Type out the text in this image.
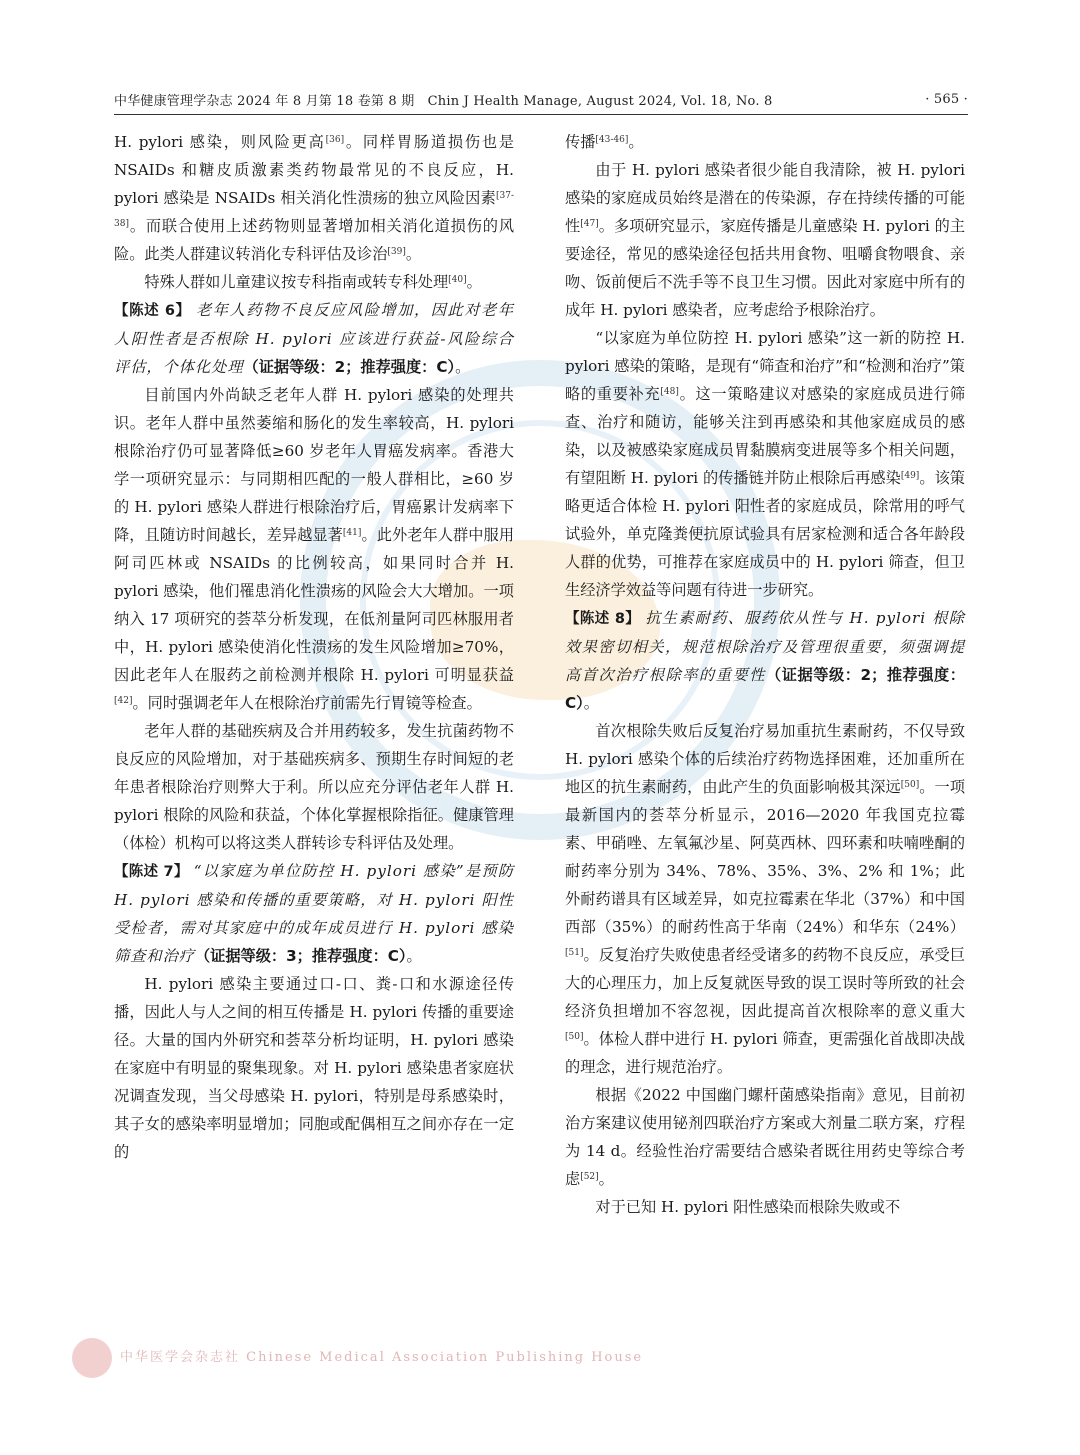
中华健康管理学杂志 2024 年 8 月第 18 卷第 8 期　Chin J Health Manage, August 2024, Vol. 18, No. 8	· 565 ·

H. pylori 感染，则风险更高[36]。同样胃肠道损伤也是 NSAIDs 和糖皮质激素类药物最常见的不良反应，H. pylori 感染是 NSAIDs 相关消化性溃疡的独立风险因素[37-38]。而联合使用上述药物则显著增加相关消化道损伤的风险。此类人群建议转消化专科评估及诊治[39]。

特殊人群如儿童建议按专科指南或转专科处理[40]。

【陈述 6】 老年人药物不良反应风险增加，因此对老年人阳性者是否根除 H. pylori 应该进行获益-风险综合评估，个体化处理（证据等级：2；推荐强度：C）。

目前国内外尚缺乏老年人群 H. pylori 感染的处理共识。老年人群中虽然萎缩和肠化的发生率较高，H. pylori 根除治疗仍可显著降低≥60 岁老年人胃癌发病率。香港大学一项研究显示：与同期相匹配的一般人群相比，≥60 岁的 H. pylori 感染人群进行根除治疗后，胃癌累计发病率下降，且随访时间越长，差异越显著[41]。此外老年人群中服用阿司匹林或 NSAIDs 的比例较高，如果同时合并 H. pylori 感染，他们罹患消化性溃疡的风险会大大增加。一项纳入 17 项研究的荟萃分析发现，在低剂量阿司匹林服用者中，H. pylori 感染使消化性溃疡的发生风险增加≥70%，因此老年人在服药之前检测并根除 H. pylori 可明显获益[42]。同时强调老年人在根除治疗前需先行胃镜等检查。

老年人群的基础疾病及合并用药较多，发生抗菌药物不良反应的风险增加，对于基础疾病多、预期生存时间短的老年患者根除治疗则弊大于利。所以应充分评估老年人群 H. pylori 根除的风险和获益，个体化掌握根除指征。健康管理（体检）机构可以将这类人群转诊专科评估及处理。

【陈述 7】 “以家庭为单位防控 H. pylori 感染”是预防 H. pylori 感染和传播的重要策略，对 H. pylori 阳性受检者，需对其家庭中的成年成员进行 H. pylori 感染筛查和治疗（证据等级：3；推荐强度：C）。

H. pylori 感染主要通过口-口、粪-口和水源途径传播，因此人与人之间的相互传播是 H. pylori 传播的重要途径。大量的国内外研究和荟萃分析均证明，H. pylori 感染在家庭中有明显的聚集现象。对 H. pylori 感染患者家庭状况调查发现，当父母感染 H. pylori，特别是母系感染时，其子女的感染率明显增加；同胞或配偶相互之间亦存在一定的

传播[43-46]。

由于 H. pylori 感染者很少能自我清除，被 H. pylori 感染的家庭成员始终是潜在的传染源，存在持续传播的可能性[47]。多项研究显示，家庭传播是儿童感染 H. pylori 的主要途径，常见的感染途径包括共用食物、咀嚼食物喂食、亲吻、饭前便后不洗手等不良卫生习惯。因此对家庭中所有的成年 H. pylori 感染者，应考虑给予根除治疗。

“以家庭为单位防控 H. pylori 感染”这一新的防控 H. pylori 感染的策略，是现有“筛查和治疗”和“检测和治疗”策略的重要补充[48]。这一策略建议对感染的家庭成员进行筛查、治疗和随访，能够关注到再感染和其他家庭成员的感染，以及被感染家庭成员胃黏膜病变进展等多个相关问题，有望阻断 H. pylori 的传播链并防止根除后再感染[49]。该策略更适合体检 H. pylori 阳性者的家庭成员，除常用的呼气试验外，单克隆粪便抗原试验具有居家检测和适合各年龄段人群的优势，可推荐在家庭成员中的 H. pylori 筛查，但卫生经济学效益等问题有待进一步研究。

【陈述 8】 抗生素耐药、服药依从性与 H. pylori 根除效果密切相关，规范根除治疗及管理很重要，须强调提高首次治疗根除率的重要性（证据等级：2；推荐强度：C）。

首次根除失败后反复治疗易加重抗生素耐药，不仅导致 H. pylori 感染个体的后续治疗药物选择困难，还加重所在地区的抗生素耐药，由此产生的负面影响极其深远[50]。一项最新国内的荟萃分析显示，2016—2020 年我国克拉霉素、甲硝唑、左氧氟沙星、阿莫西林、四环素和呋喃唑酮的耐药率分别为 34%、78%、35%、3%、2% 和 1%；此外耐药谱具有区域差异，如克拉霉素在华北（37%）和中国西部（35%）的耐药性高于华南（24%）和华东（24%）[51]。反复治疗失败使患者经受诸多的药物不良反应，承受巨大的心理压力，加上反复就医导致的误工误时等所致的社会经济负担增加不容忽视，因此提高首次根除率的意义重大[50]。体检人群中进行 H. pylori 筛查，更需强化首战即决战的理念，进行规范治疗。

根据《2022 中国幽门螺杆菌感染指南》意见，目前初治方案建议使用铋剂四联治疗方案或大剂量二联方案，疗程为 14 d。经验性治疗需要结合感染者既往用药史等综合考虑[52]。

对于已知 H. pylori 阳性感染而根除失败或不

中华医学会杂志社 Chinese Medical Association Publishing House
